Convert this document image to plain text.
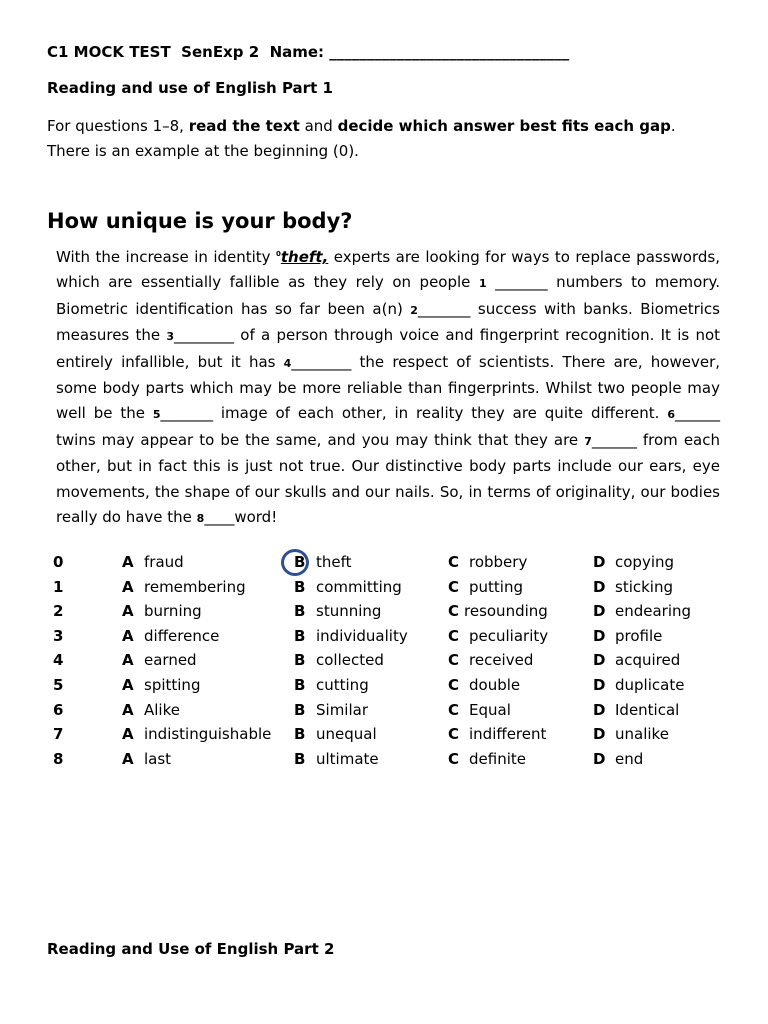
C1 MOCK TEST  SenExp 2  Name: ________________________________
Reading and use of English Part 1
For questions 1–8, read the text and decide which answer best fits each gap.
There is an example at the beginning (0).
How unique is your body?
With the increase in identity $^0$theft, experts are looking for ways to replace passwords, which are essentially fallible as they rely on people 1 _______ numbers to memory. Biometric identification has so far been a(n) 2_______ success with banks. Biometrics measures the 3________ of a person through voice and fingerprint recognition. It is not entirely infallible, but it has 4________ the respect of scientists. There are, however, some body parts which may be more reliable than fingerprints. Whilst two people may well be the 5_______ image of each other, in reality they are quite different. 6______ twins may appear to be the same, and you may think that they are 7______ from each other, but in fact this is just not true. Our distinctive body parts include our ears, eye movements, the shape of our skulls and our nails. So, in terms of originality, our bodies really do have the 8____word!
0	A fraud	B theft	C robbery	D copying
1	A remembering	B committing	C putting	D sticking
2	A burning	B stunning	C resounding	D endearing
3	A difference	B individuality	C peculiarity	D profile
4	A earned	B collected	C received	D acquired
5	A spitting	B cutting	C double	D duplicate
6	A Alike	B Similar	C Equal	D Identical
7	A indistinguishable B unequal	C indifferent	D unalike
8	A last	B ultimate	C definite	D end
Reading and Use of English Part 2
